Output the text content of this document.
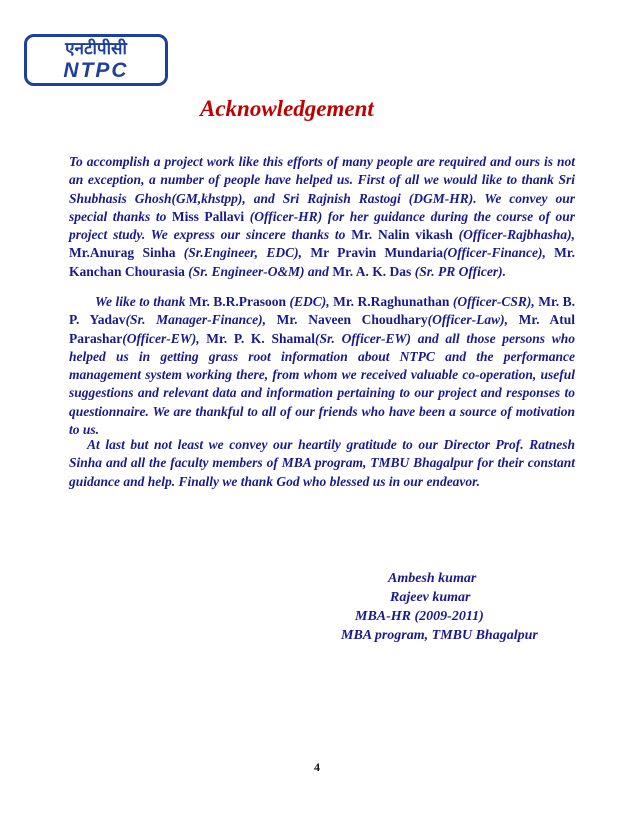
एनटीपीसी
NTPC
Acknowledgement

To accomplish a project work like this efforts of many people are required and ours is not an exception, a number of people have helped us. First of all we would like to thank Sri Shubhasis Ghosh(GM,khstpp), and Sri Rajnish Rastogi (DGM-HR). We convey our special thanks to Miss Pallavi (Officer-HR) for her guidance during the course of our project study. We express our sincere thanks to Mr. Nalin vikash (Officer-Rajbhasha), Mr.Anurag Sinha (Sr.Engineer, EDC), Mr Pravin Mundaria(Officer-Finance), Mr. Kanchan Chourasia (Sr. Engineer-O&M) and Mr. A. K. Das (Sr. PR Officer).

We like to thank Mr. B.R.Prasoon (EDC), Mr. R.Raghunathan (Officer-CSR), Mr. B. P. Yadav(Sr. Manager-Finance), Mr. Naveen Choudhary(Officer-Law), Mr. Atul Parashar(Officer-EW), Mr. P. K. Shamal(Sr. Officer-EW) and all those persons who helped us in getting grass root information about NTPC and the performance management system working there, from whom we received valuable co-operation, useful suggestions and relevant data and information pertaining to our project and responses to questionnaire. We are thankful to all of our friends who have been a source of motivation to us.

At last but not least we convey our heartily gratitude to our Director Prof. Ratnesh Sinha and all the faculty members of MBA program, TMBU Bhagalpur for their constant guidance and help. Finally we thank God who blessed us in our endeavor.

Ambesh kumar

Rajeev kumar

MBA-HR (2009-2011)

MBA program, TMBU Bhagalpur

4
